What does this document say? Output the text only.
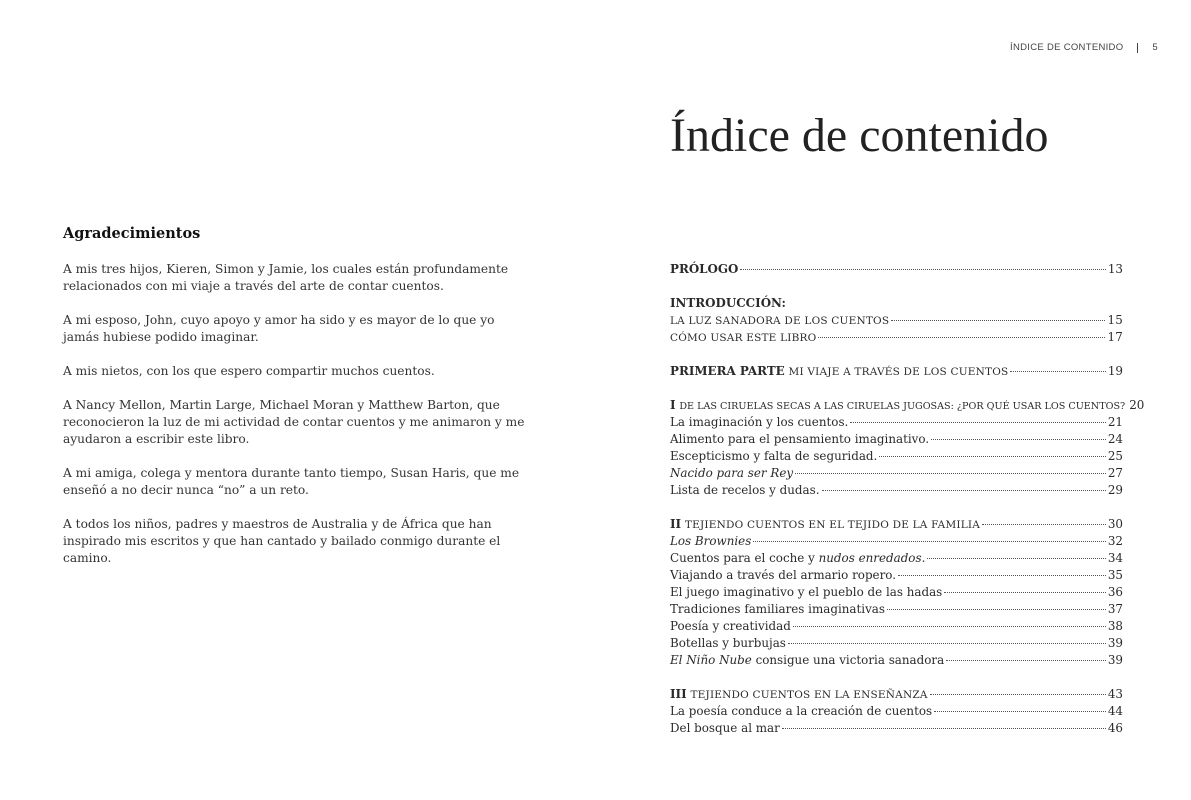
Agradecimientos

A mis tres hijos, Kieren, Simon y Jamie, los cuales están profundamente relacionados con mi viaje a través del arte de contar cuentos.

A mi esposo, John, cuyo apoyo y amor ha sido y es mayor de lo que yo jamás hubiese podido imaginar.

A mis nietos, con los que espero compartir muchos cuentos.

A Nancy Mellon, Martin Large, Michael Moran y Matthew Barton, que reconocieron la luz de mi actividad de contar cuentos y me animaron y me ayudaron a escribir este libro.

A mi amiga, colega y mentora durante tanto tiempo, Susan Haris, que me enseñó a no decir nunca “no” a un reto.

A todos los niños, padres y maestros de Australia y de África que han inspirado mis escritos y que han cantado y bailado conmigo durante el camino.

ÍNDICE DE CONTENIDO	5
Índice de contenido
PRÓLOGO	13
INTRODUCCIÓN:
LA LUZ SANADORA DE LOS CUENTOS	15
CÓMO USAR ESTE LIBRO	17
PRIMERA PARTE MI VIAJE A TRAVÉS DE LOS CUENTOS	19
I DE LAS CIRUELAS SECAS A LAS CIRUELAS JUGOSAS: ¿POR QUÉ USAR LOS CUENTOS? 20
La imaginación y los cuentos.	21
Alimento para el pensamiento imaginativo.	24
Escepticismo y falta de seguridad.	25
Nacido para ser Rey	27
Lista de recelos y dudas.	29
II TEJIENDO CUENTOS EN EL TEJIDO DE LA FAMILIA	30
Los Brownies	32
Cuentos para el coche y nudos enredados.	34
Viajando a través del armario ropero.	35
El juego imaginativo y el pueblo de las hadas	36
Tradiciones familiares imaginativas	37
Poesía y creatividad	38
Botellas y burbujas	39
El Niño Nube consigue una victoria sanadora	39
III TEJIENDO CUENTOS EN LA ENSEÑANZA	43
La poesía conduce a la creación de cuentos	44
Del bosque al mar	46
